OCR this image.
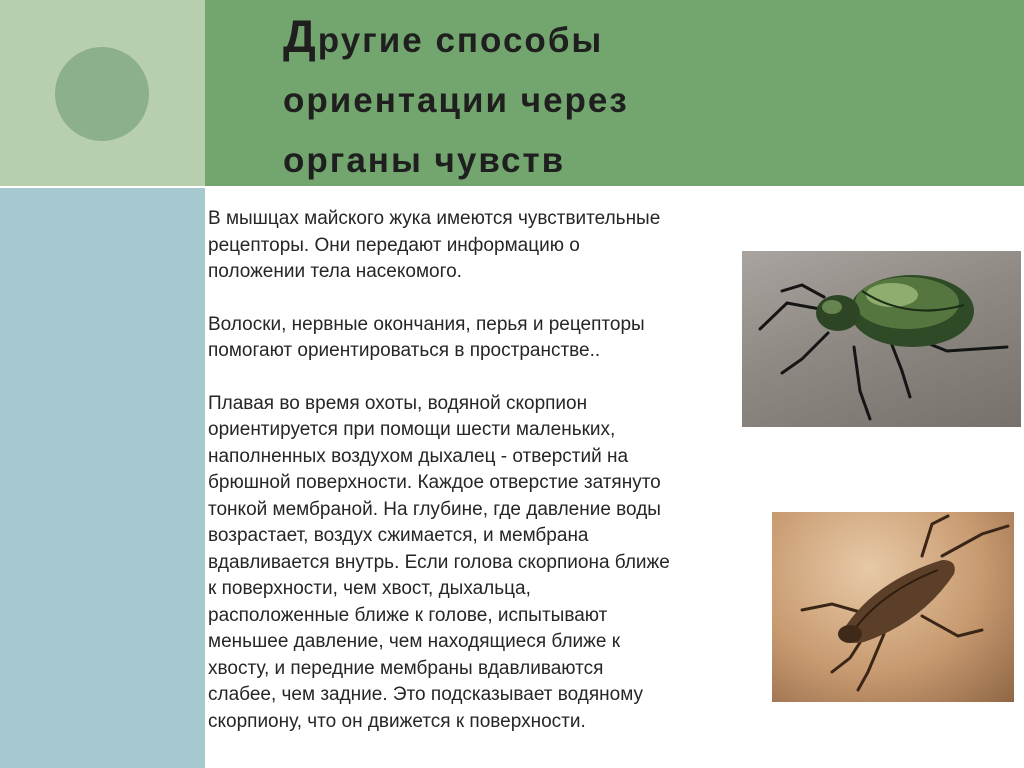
Другие способы
ориентации через
органы чувств

В мышцах майского жука имеются чувствительные
рецепторы. Они передают информацию о
положении тела насекомого.

Волоски, нервные окончания, перья и рецепторы
помогают ориентироваться в пространстве..

Плавая во время охоты, водяной скорпион
ориентируется при помощи шести маленьких,
наполненных воздухом дыхалец - отверстий на
брюшной поверхности. Каждое отверстие затянуто
тонкой мембраной. На глубине, где давление воды
возрастает, воздух сжимается, и мембрана
вдавливается внутрь. Если голова скорпиона ближе
к поверхности, чем хвост, дыхальца,
расположенные ближе к голове, испытывают
меньшее давление, чем находящиеся ближе к
хвосту, и передние мембраны вдавливаются
слабее, чем задние. Это подсказывает водяному
скорпиону, что он движется к поверхности.
